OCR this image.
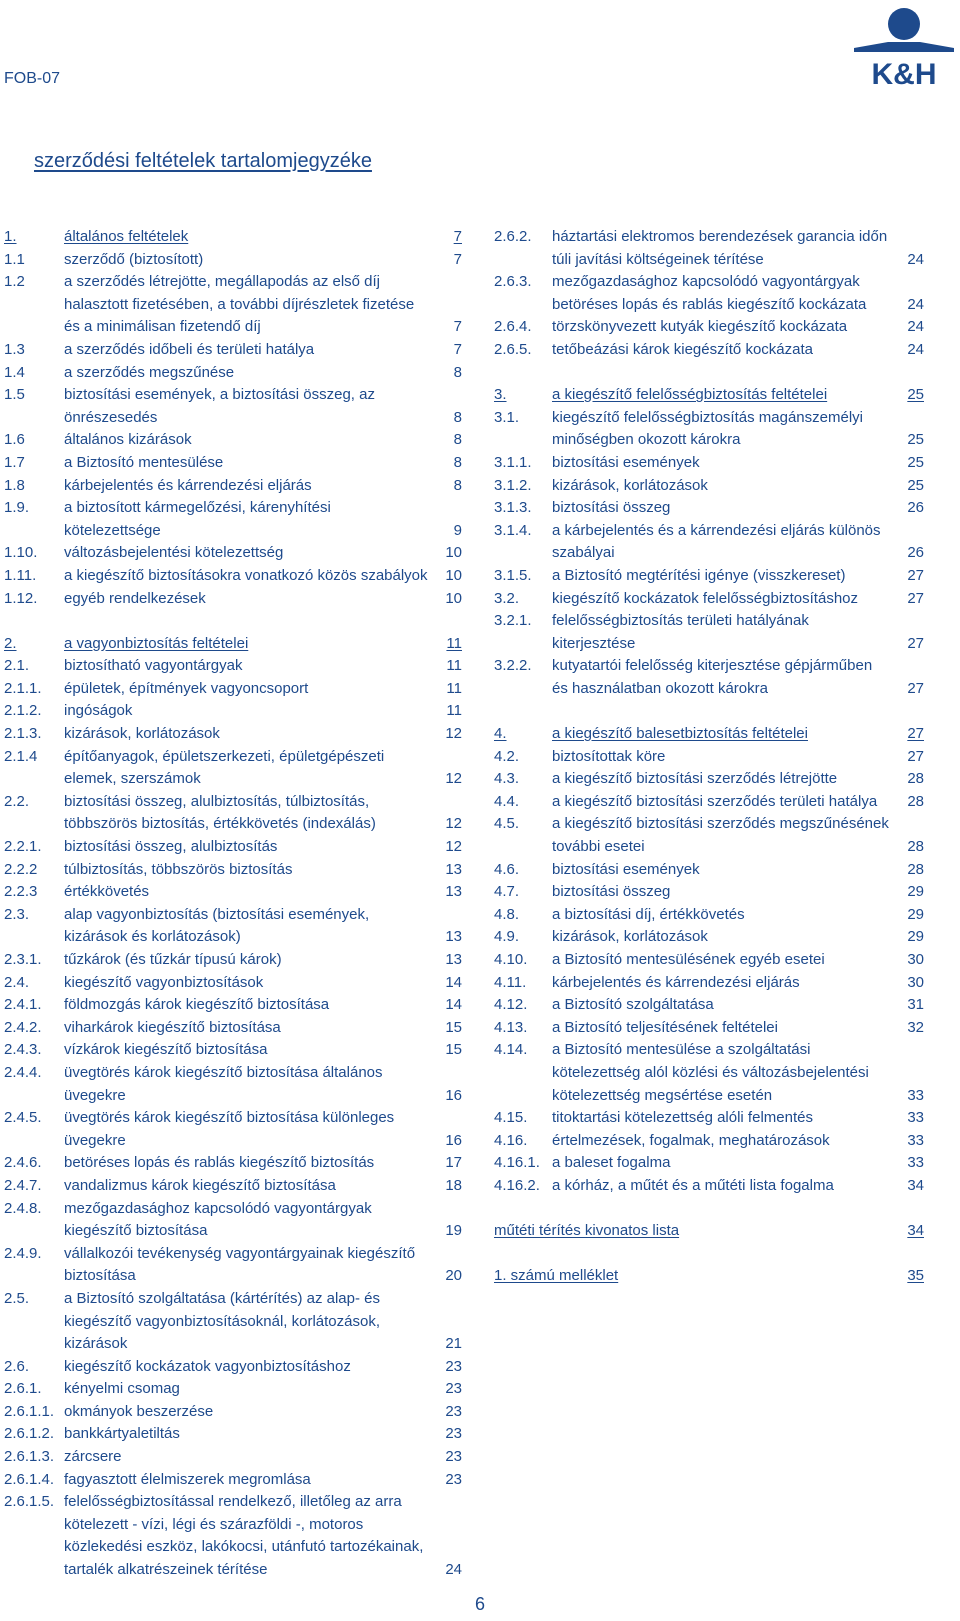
FOB-07	K&H
szerződési feltételek tartalomjegyzéke
1.	általános feltételek	7
1.1	szerződő (biztosított)	7
1.2	a szerződés létrejötte, megállapodás az első díj halasztott fizetésében, a további díjrészletek fizetése és a minimálisan fizetendő díj	7
1.3	a szerződés időbeli és területi hatálya	7
1.4	a szerződés megszűnése	8
1.5	biztosítási események, a biztosítási összeg, az önrészesedés	8
1.6	általános kizárások	8
1.7	a Biztosító mentesülése	8
1.8	kárbejelentés és kárrendezési eljárás	8
1.9.	a biztosított kármegelőzési, kárenyhítési kötelezettsége	9
1.10.	változásbejelentési kötelezettség	10
1.11.	a kiegészítő biztosításokra vonatkozó közös szabályok	10
1.12.	egyéb rendelkezések	10
2.	a vagyonbiztosítás feltételei	11
2.1.	biztosítható vagyontárgyak	11
2.1.1.	épületek, építmények vagyoncsoport	11
2.1.2.	ingóságok	11
2.1.3.	kizárások, korlátozások	12
2.1.4	építőanyagok, épületszerkezeti, épületgépészeti elemek, szerszámok	12
2.2.	biztosítási összeg, alulbiztosítás, túlbiztosítás, többszörös biztosítás, értékkövetés (indexálás)	12
2.2.1.	biztosítási összeg, alulbiztosítás	12
2.2.2	túlbiztosítás, többszörös biztosítás	13
2.2.3	értékkövetés	13
2.3.	alap vagyonbiztosítás (biztosítási események, kizárások és korlátozások)	13
2.3.1.	tűzkárok (és tűzkár típusú károk)	13
2.4.	kiegészítő vagyonbiztosítások	14
2.4.1.	földmozgás károk kiegészítő biztosítása	14
2.4.2.	viharkárok kiegészítő biztosítása	15
2.4.3.	vízkárok kiegészítő biztosítása	15
2.4.4.	üvegtörés károk kiegészítő biztosítása általános üvegekre	16
2.4.5.	üvegtörés károk kiegészítő biztosítása különleges üvegekre	16
2.4.6.	betöréses lopás és rablás kiegészítő biztosítás	17
2.4.7.	vandalizmus károk kiegészítő biztosítása	18
2.4.8.	mezőgazdasághoz kapcsolódó vagyontárgyak kiegészítő biztosítása	19
2.4.9.	vállalkozói tevékenység vagyontárgyainak kiegészítő biztosítása	20
2.5.	a Biztosító szolgáltatása (kártérítés) az alap- és kiegészítő vagyonbiztosításoknál, korlátozások, kizárások	21
2.6.	kiegészítő kockázatok vagyonbiztosításhoz	23
2.6.1.	kényelmi csomag	23
2.6.1.1. okmányok beszerzése	23
2.6.1.2. bankkártyaletiltás	23
2.6.1.3. zárcsere	23
2.6.1.4. fagyasztott élelmiszerek megromlása	23
2.6.1.5. felelősségbiztosítással rendelkező, illetőleg az arra kötelezett - vízi, légi és szárazföldi -, motoros közlekedési eszköz, lakókocsi, utánfutó tartozékainak, tartalék alkatrészeinek térítése	24
2.6.2.	háztartási elektromos berendezések garancia időn túli javítási költségeinek térítése	24
2.6.3.	mezőgazdasághoz kapcsolódó vagyontárgyak betöréses lopás és rablás kiegészítő kockázata	24
2.6.4.	törzskönyvezett kutyák kiegészítő kockázata	24
2.6.5.	tetőbeázási károk kiegészítő kockázata	24
3.	a kiegészítő felelősségbiztosítás feltételei	25
3.1.	kiegészítő felelősségbiztosítás magánszemélyi minőségben okozott károkra	25
3.1.1.	biztosítási események	25
3.1.2.	kizárások, korlátozások	25
3.1.3.	biztosítási összeg	26
3.1.4.	a kárbejelentés és a kárrendezési eljárás különös szabályai	26
3.1.5.	a Biztosító megtérítési igénye (visszkereset)	27
3.2.	kiegészítő kockázatok felelősségbiztosításhoz	27
3.2.1.	felelősségbiztosítás területi hatályának kiterjesztése	27
3.2.2.	kutyatartói felelősség kiterjesztése gépjárműben és használatban okozott károkra	27
4.	a kiegészítő balesetbiztosítás feltételei	27
4.2.	biztosítottak köre	27
4.3.	a kiegészítő biztosítási szerződés létrejötte	28
4.4.	a kiegészítő biztosítási szerződés területi hatálya	28
4.5.	a kiegészítő biztosítási szerződés megszűnésének további esetei	28
4.6.	biztosítási események	28
4.7.	biztosítási összeg	29
4.8.	a biztosítási díj, értékkövetés	29
4.9.	kizárások, korlátozások	29
4.10.	a Biztosító mentesülésének egyéb esetei	30
4.11.	kárbejelentés és kárrendezési eljárás	30
4.12.	a Biztosító szolgáltatása	31
4.13.	a Biztosító teljesítésének feltételei	32
4.14.	a Biztosító mentesülése a szolgáltatási kötelezettség alól közlési és változásbejelentési kötelezettség megsértése esetén	33
4.15.	titoktartási kötelezettség alóli felmentés	33
4.16.	értelmezések, fogalmak, meghatározások	33
4.16.1. a baleset fogalma	33
4.16.2. a kórház, a műtét és a műtéti lista fogalma	34
műtéti térítés kivonatos lista	34
1. számú melléklet	35
6
